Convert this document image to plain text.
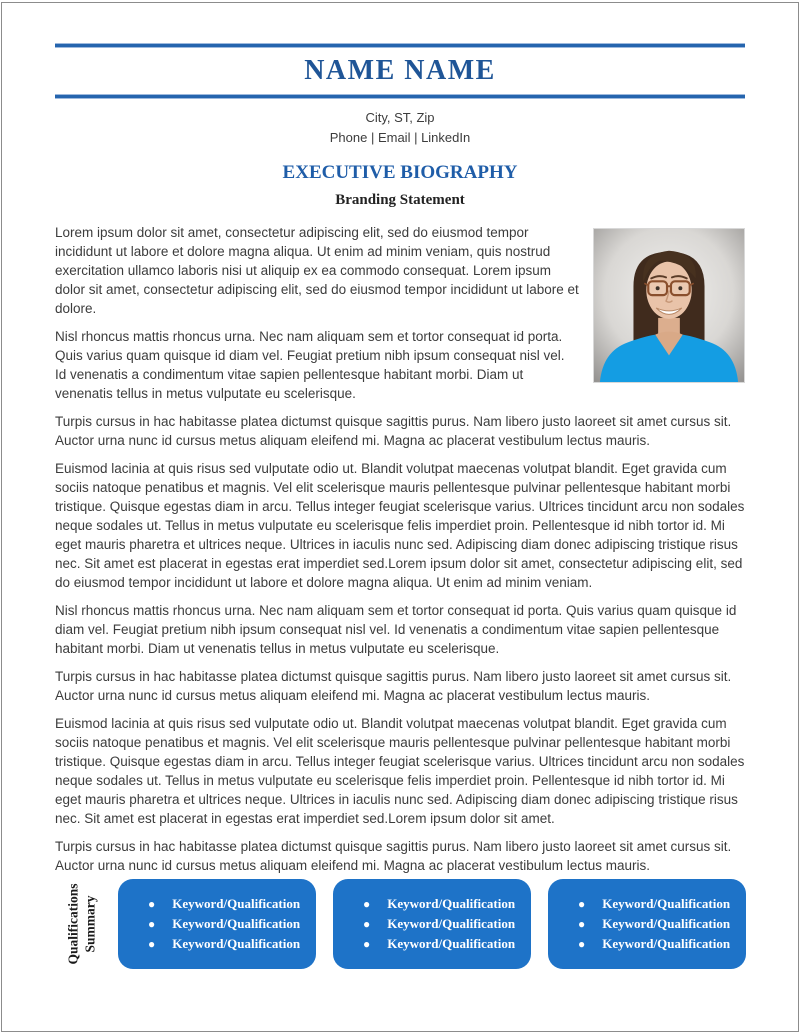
NAME NAME
City, ST, Zip
Phone | Email | LinkedIn
EXECUTIVE BIOGRAPHY
Branding Statement

Lorem ipsum dolor sit amet, consectetur adipiscing elit, sed do eiusmod tempor incididunt ut labore et dolore magna aliqua. Ut enim ad minim veniam, quis nostrud exercitation ullamco laboris nisi ut aliquip ex ea commodo consequat. Lorem ipsum dolor sit amet, consectetur adipiscing elit, sed do eiusmod tempor incididunt ut labore et dolore.

Nisl rhoncus mattis rhoncus urna. Nec nam aliquam sem et tortor consequat id porta. Quis varius quam quisque id diam vel. Feugiat pretium nibh ipsum consequat nisl vel. Id venenatis a condimentum vitae sapien pellentesque habitant morbi. Diam ut venenatis tellus in metus vulputate eu scelerisque.

Turpis cursus in hac habitasse platea dictumst quisque sagittis purus. Nam libero justo laoreet sit amet cursus sit. Auctor urna nunc id cursus metus aliquam eleifend mi. Magna ac placerat vestibulum lectus mauris.

Euismod lacinia at quis risus sed vulputate odio ut. Blandit volutpat maecenas volutpat blandit. Eget gravida cum sociis natoque penatibus et magnis. Vel elit scelerisque mauris pellentesque pulvinar pellentesque habitant morbi tristique. Quisque egestas diam in arcu. Tellus integer feugiat scelerisque varius. Ultrices tincidunt arcu non sodales neque sodales ut. Tellus in metus vulputate eu scelerisque felis imperdiet proin. Pellentesque id nibh tortor id. Mi eget mauris pharetra et ultrices neque. Ultrices in iaculis nunc sed. Adipiscing diam donec adipiscing tristique risus nec. Sit amet est placerat in egestas erat imperdiet sed.Lorem ipsum dolor sit amet, consectetur adipiscing elit, sed do eiusmod tempor incididunt ut labore et dolore magna aliqua. Ut enim ad minim veniam.

Nisl rhoncus mattis rhoncus urna. Nec nam aliquam sem et tortor consequat id porta. Quis varius quam quisque id diam vel. Feugiat pretium nibh ipsum consequat nisl vel. Id venenatis a condimentum vitae sapien pellentesque habitant morbi. Diam ut venenatis tellus in metus vulputate eu scelerisque.

Turpis cursus in hac habitasse platea dictumst quisque sagittis purus. Nam libero justo laoreet sit amet cursus sit. Auctor urna nunc id cursus metus aliquam eleifend mi. Magna ac placerat vestibulum lectus mauris.

Euismod lacinia at quis risus sed vulputate odio ut. Blandit volutpat maecenas volutpat blandit. Eget gravida cum sociis natoque penatibus et magnis. Vel elit scelerisque mauris pellentesque pulvinar pellentesque habitant morbi tristique. Quisque egestas diam in arcu. Tellus integer feugiat scelerisque varius. Ultrices tincidunt arcu non sodales neque sodales ut. Tellus in metus vulputate eu scelerisque felis imperdiet proin. Pellentesque id nibh tortor id. Mi eget mauris pharetra et ultrices neque. Ultrices in iaculis nunc sed. Adipiscing diam donec adipiscing tristique risus nec. Sit amet est placerat in egestas erat imperdiet sed.Lorem ipsum dolor sit amet.

Turpis cursus in hac habitasse platea dictumst quisque sagittis purus. Nam libero justo laoreet sit amet cursus sit. Auctor urna nunc id cursus metus aliquam eleifend mi. Magna ac placerat vestibulum lectus mauris.

Qualifications Summary	● Keyword/Qualification
● Keyword/Qualification
● Keyword/Qualification
● Keyword/Qualification
● Keyword/Qualification
● Keyword/Qualification
● Keyword/Qualification
● Keyword/Qualification
● Keyword/Qualification
